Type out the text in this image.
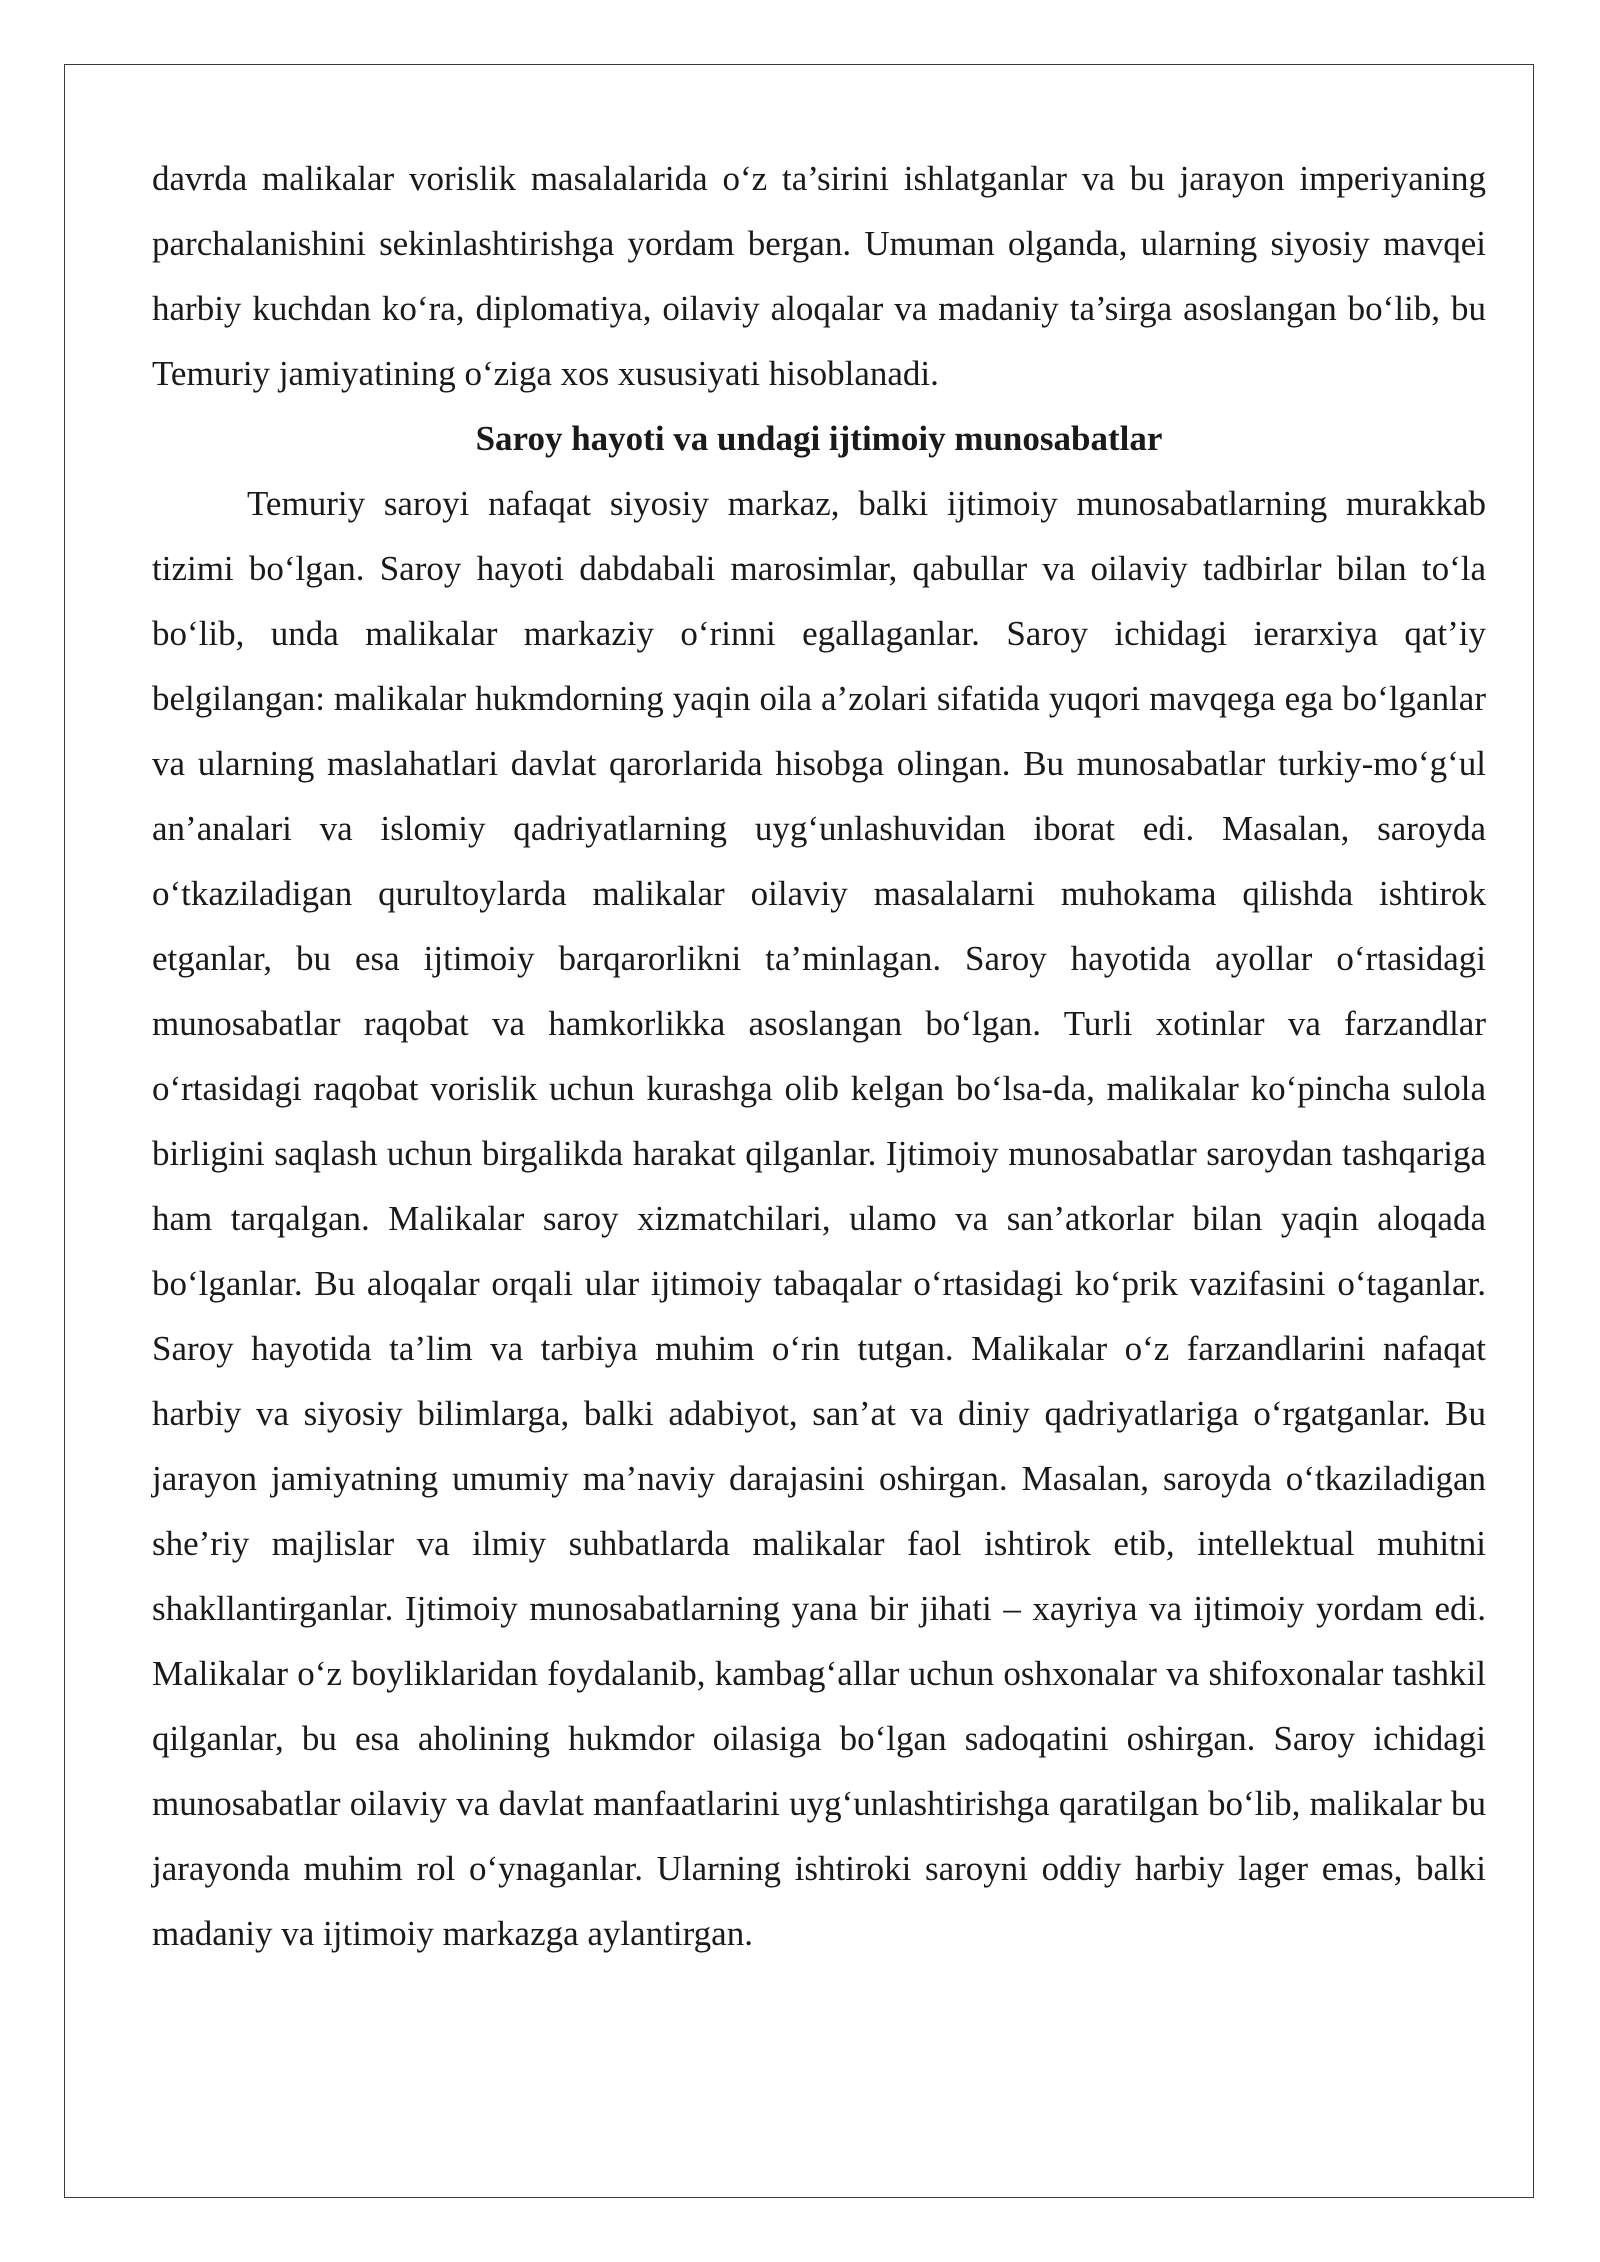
davrda malikalar vorislik masalalarida o‘z ta’sirini ishlatganlar va bu jarayon imperiyaning parchalanishini sekinlashtirishga yordam bergan. Umuman olganda, ularning siyosiy mavqei harbiy kuchdan ko‘ra, diplomatiya, oilaviy aloqalar va madaniy ta’sirga asoslangan bo‘lib, bu Temuriy jamiyatining o‘ziga xos xususiyati hisoblanadi.

Saroy hayoti va undagi ijtimoiy munosabatlar

Temuriy saroyi nafaqat siyosiy markaz, balki ijtimoiy munosabatlarning murakkab tizimi bo‘lgan. Saroy hayoti dabdabali marosimlar, qabullar va oilaviy tadbirlar bilan to‘la bo‘lib, unda malikalar markaziy o‘rinni egallaganlar. Saroy ichidagi ierarxiya qat’iy belgilangan: malikalar hukmdorning yaqin oila a’zolari sifatida yuqori mavqega ega bo‘lganlar va ularning maslahatlari davlat qarorlarida hisobga olingan. Bu munosabatlar turkiy-mo‘g‘ul an’analari va islomiy qadriyatlarning uyg‘unlashuvidan iborat edi. Masalan, saroyda o‘tkaziladigan qurultoylarda malikalar oilaviy masalalarni muhokama qilishda ishtirok etganlar, bu esa ijtimoiy barqarorlikni ta’minlagan. Saroy hayotida ayollar o‘rtasidagi munosabatlar raqobat va hamkorlikka asoslangan bo‘lgan. Turli xotinlar va farzandlar o‘rtasidagi raqobat vorislik uchun kurashga olib kelgan bo‘lsa-da, malikalar ko‘pincha sulola birligini saqlash uchun birgalikda harakat qilganlar. Ijtimoiy munosabatlar saroydan tashqariga ham tarqalgan. Malikalar saroy xizmatchilari, ulamo va san’atkorlar bilan yaqin aloqada bo‘lganlar. Bu aloqalar orqali ular ijtimoiy tabaqalar o‘rtasidagi ko‘prik vazifasini o‘taganlar. Saroy hayotida ta’lim va tarbiya muhim o‘rin tutgan. Malikalar o‘z farzandlarini nafaqat harbiy va siyosiy bilimlarga, balki adabiyot, san’at va diniy qadriyatlariga o‘rgatganlar. Bu jarayon jamiyatning umumiy ma’naviy darajasini oshirgan. Masalan, saroyda o‘tkaziladigan she’riy majlislar va ilmiy suhbatlarda malikalar faol ishtirok etib, intellektual muhitni shakllantirganlar. Ijtimoiy munosabatlarning yana bir jihati – xayriya va ijtimoiy yordam edi. Malikalar o‘z boyliklaridan foydalanib, kambag‘allar uchun oshxonalar va shifoxonalar tashkil qilganlar, bu esa aholining hukmdor oilasiga bo‘lgan sadoqatini oshirgan. Saroy ichidagi munosabatlar oilaviy va davlat manfaatlarini uyg‘unlashtirishga qaratilgan bo‘lib, malikalar bu jarayonda muhim rol o‘ynaganlar. Ularning ishtiroki saroyni oddiy harbiy lager emas, balki madaniy va ijtimoiy markazga aylantirgan.
